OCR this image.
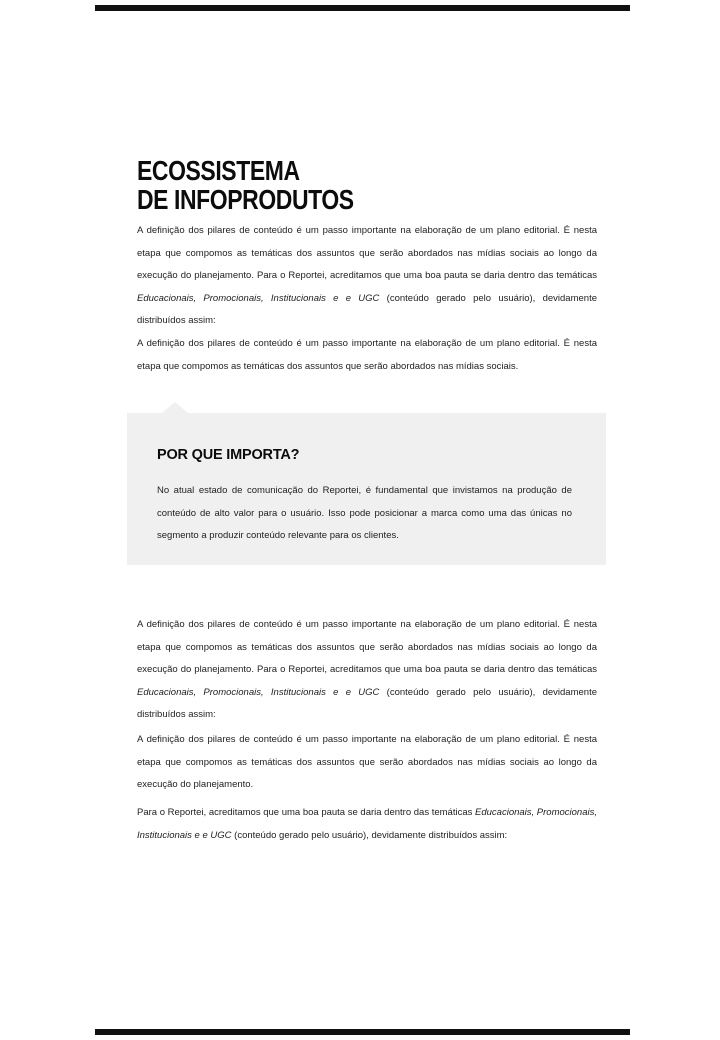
ECOSSISTEMA
DE INFOPRODUTOS

A definição dos pilares de conteúdo é um passo importante na elaboração de um plano editorial. É nesta etapa que compomos as temáticas dos assuntos que serão abordados nas mídias sociais ao longo da execução do planejamento. Para o Reportei, acreditamos que uma boa pauta se daria dentro das temáticas Educacionais, Promocionais, Institucionais e e UGC (conteúdo gerado pelo usuário), devidamente distribuídos assim:

A definição dos pilares de conteúdo é um passo importante na elaboração de um plano editorial. É nesta etapa que compomos as temáticas dos assuntos que serão abordados nas mídias sociais.

POR QUE IMPORTA?

No atual estado de comunicação do Reportei, é fundamental que invistamos na produção de conteúdo de alto valor para o usuário. Isso pode posicionar a marca como uma das únicas no segmento a produzir conteúdo relevante para os clientes.

A definição dos pilares de conteúdo é um passo importante na elaboração de um plano editorial. É nesta etapa que compomos as temáticas dos assuntos que serão abordados nas mídias sociais ao longo da execução do planejamento. Para o Reportei, acreditamos que uma boa pauta se daria dentro das temáticas Educacionais, Promocionais, Institucionais e e UGC (conteúdo gerado pelo usuário), devidamente distribuídos assim:

A definição dos pilares de conteúdo é um passo importante na elaboração de um plano editorial. É nesta etapa que compomos as temáticas dos assuntos que serão abordados nas mídias sociais ao longo da execução do planejamento.

Para o Reportei, acreditamos que uma boa pauta se daria dentro das temáticas Educacionais, Promocionais, Institucionais e e UGC (conteúdo gerado pelo usuário), devidamente distribuídos assim:
